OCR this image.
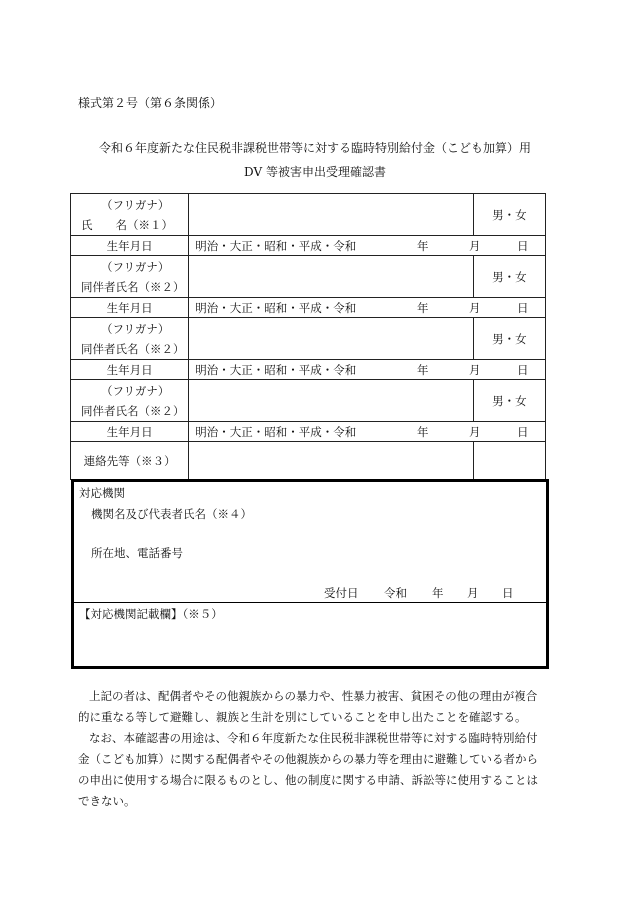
様式第２号（第６条関係）
令和６年度新たな住民税非課税世帯等に対する臨時特別給付金（こども加算）用
DV 等被害申出受理確認書
（フリガナ）
氏　　名（※１）		男・女
生年月日	明治・大正・昭和・平成・令和 年 月 日	

（フリガナ）
同伴者氏名（※２）		男・女
生年月日	明治・大正・昭和・平成・令和 年 月 日	

（フリガナ）
同伴者氏名（※２）		男・女
生年月日	明治・大正・昭和・平成・令和 年 月 日	

（フリガナ）
同伴者氏名（※２）		男・女
生年月日	明治・大正・昭和・平成・令和 年 月 日	

連絡先等（※３）		
対応機関
機関名及び代表者氏名（※４）
所在地、電話番号
受付日 令和 年 月 日
【対応機関記載欄】（※５）
上記の者は、配偶者やその他親族からの暴力や、性暴力被害、貧困その他の理由が複合
的に重なる等して避難し、親族と生計を別にしていることを申し出たことを確認する。
なお、本確認書の用途は、令和６年度新たな住民税非課税世帯等に対する臨時特別給付
金（こども加算）に関する配偶者やその他親族からの暴力等を理由に避難している者から
の申出に使用する場合に限るものとし、他の制度に関する申請、訴訟等に使用することは
できない。
